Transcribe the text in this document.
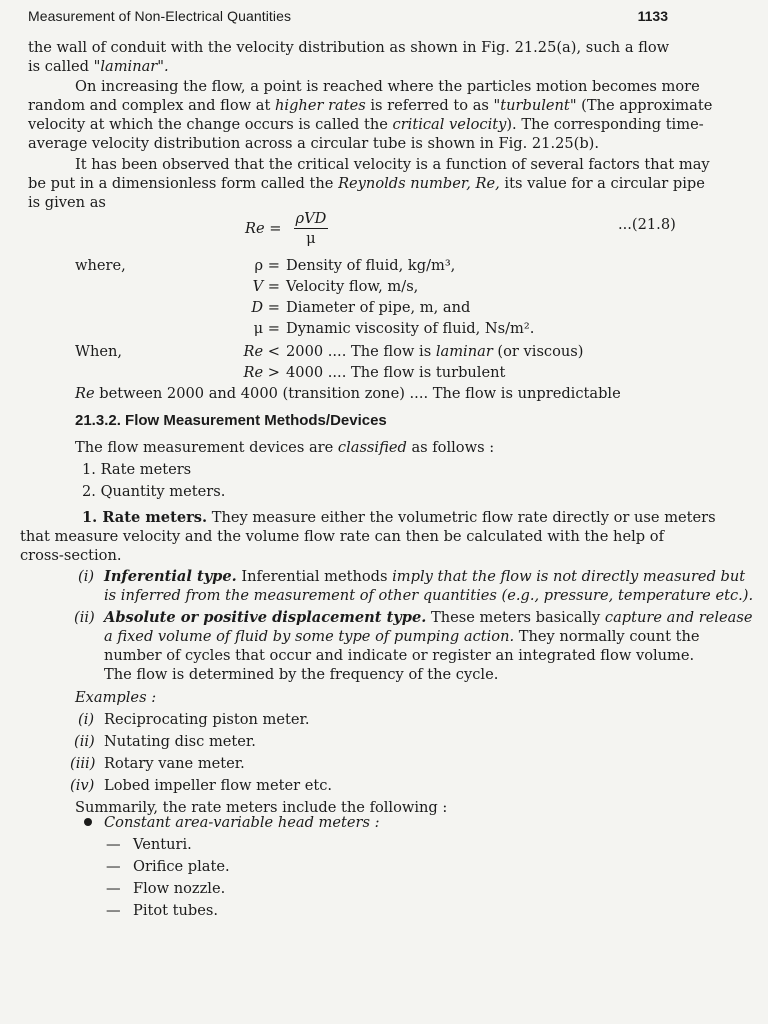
Measurement of Non-Electrical Quantities	1133
the wall of conduit with the velocity distribution as shown in Fig. 21.25(a), such a flow
is called "laminar".
On increasing the flow, a point is reached where the particles motion becomes more
random and complex and flow at higher rates is referred to as "turbulent" (The approximate
velocity at which the change occurs is called the critical velocity). The corresponding time-
average velocity distribution across a circular tube is shown in Fig. 21.25(b).
It has been observed that the critical velocity is a function of several factors that may
be put in a dimensionless form called the Reynolds number, Re, its value for a circular pipe
is given as
$Re = \frac{\text{ρVD}}{\mu}$	...(21.8)
where,	ρ = Density of fluid, kg/m³,
V = Velocity flow, m/s,
D = Diameter of pipe, m, and
μ = Dynamic viscosity of fluid, Ns/m².
When,	Re < 2000 .... The flow is laminar (or viscous)
Re > 4000 .... The flow is turbulent
Re between 2000 and 4000 (transition zone) .... The flow is unpredictable
21.3.2. Flow Measurement Methods/Devices
The flow measurement devices are classified as follows :
1. Rate meters
2. Quantity meters.
1. Rate meters. They measure either the volumetric flow rate directly or use meters
that measure velocity and the volume flow rate can then be calculated with the help of
cross-section.
(i) Inferential type. Inferential methods imply that the flow is not directly measured but
is inferred from the measurement of other quantities (e.g., pressure, temperature etc.).
(ii) Absolute or positive displacement type. These meters basically capture and release
a fixed volume of fluid by some type of pumping action. They normally count the
number of cycles that occur and indicate or register an integrated flow volume.
The flow is determined by the frequency of the cycle.
Examples :
(i) Reciprocating piston meter.
(ii) Nutating disc meter.
(iii) Rotary vane meter.
(iv) Lobed impeller flow meter etc.
Summarily, the rate meters include the following :
Constant area-variable head meters :
— Venturi.
— Orifice plate.
— Flow nozzle.
— Pitot tubes.
